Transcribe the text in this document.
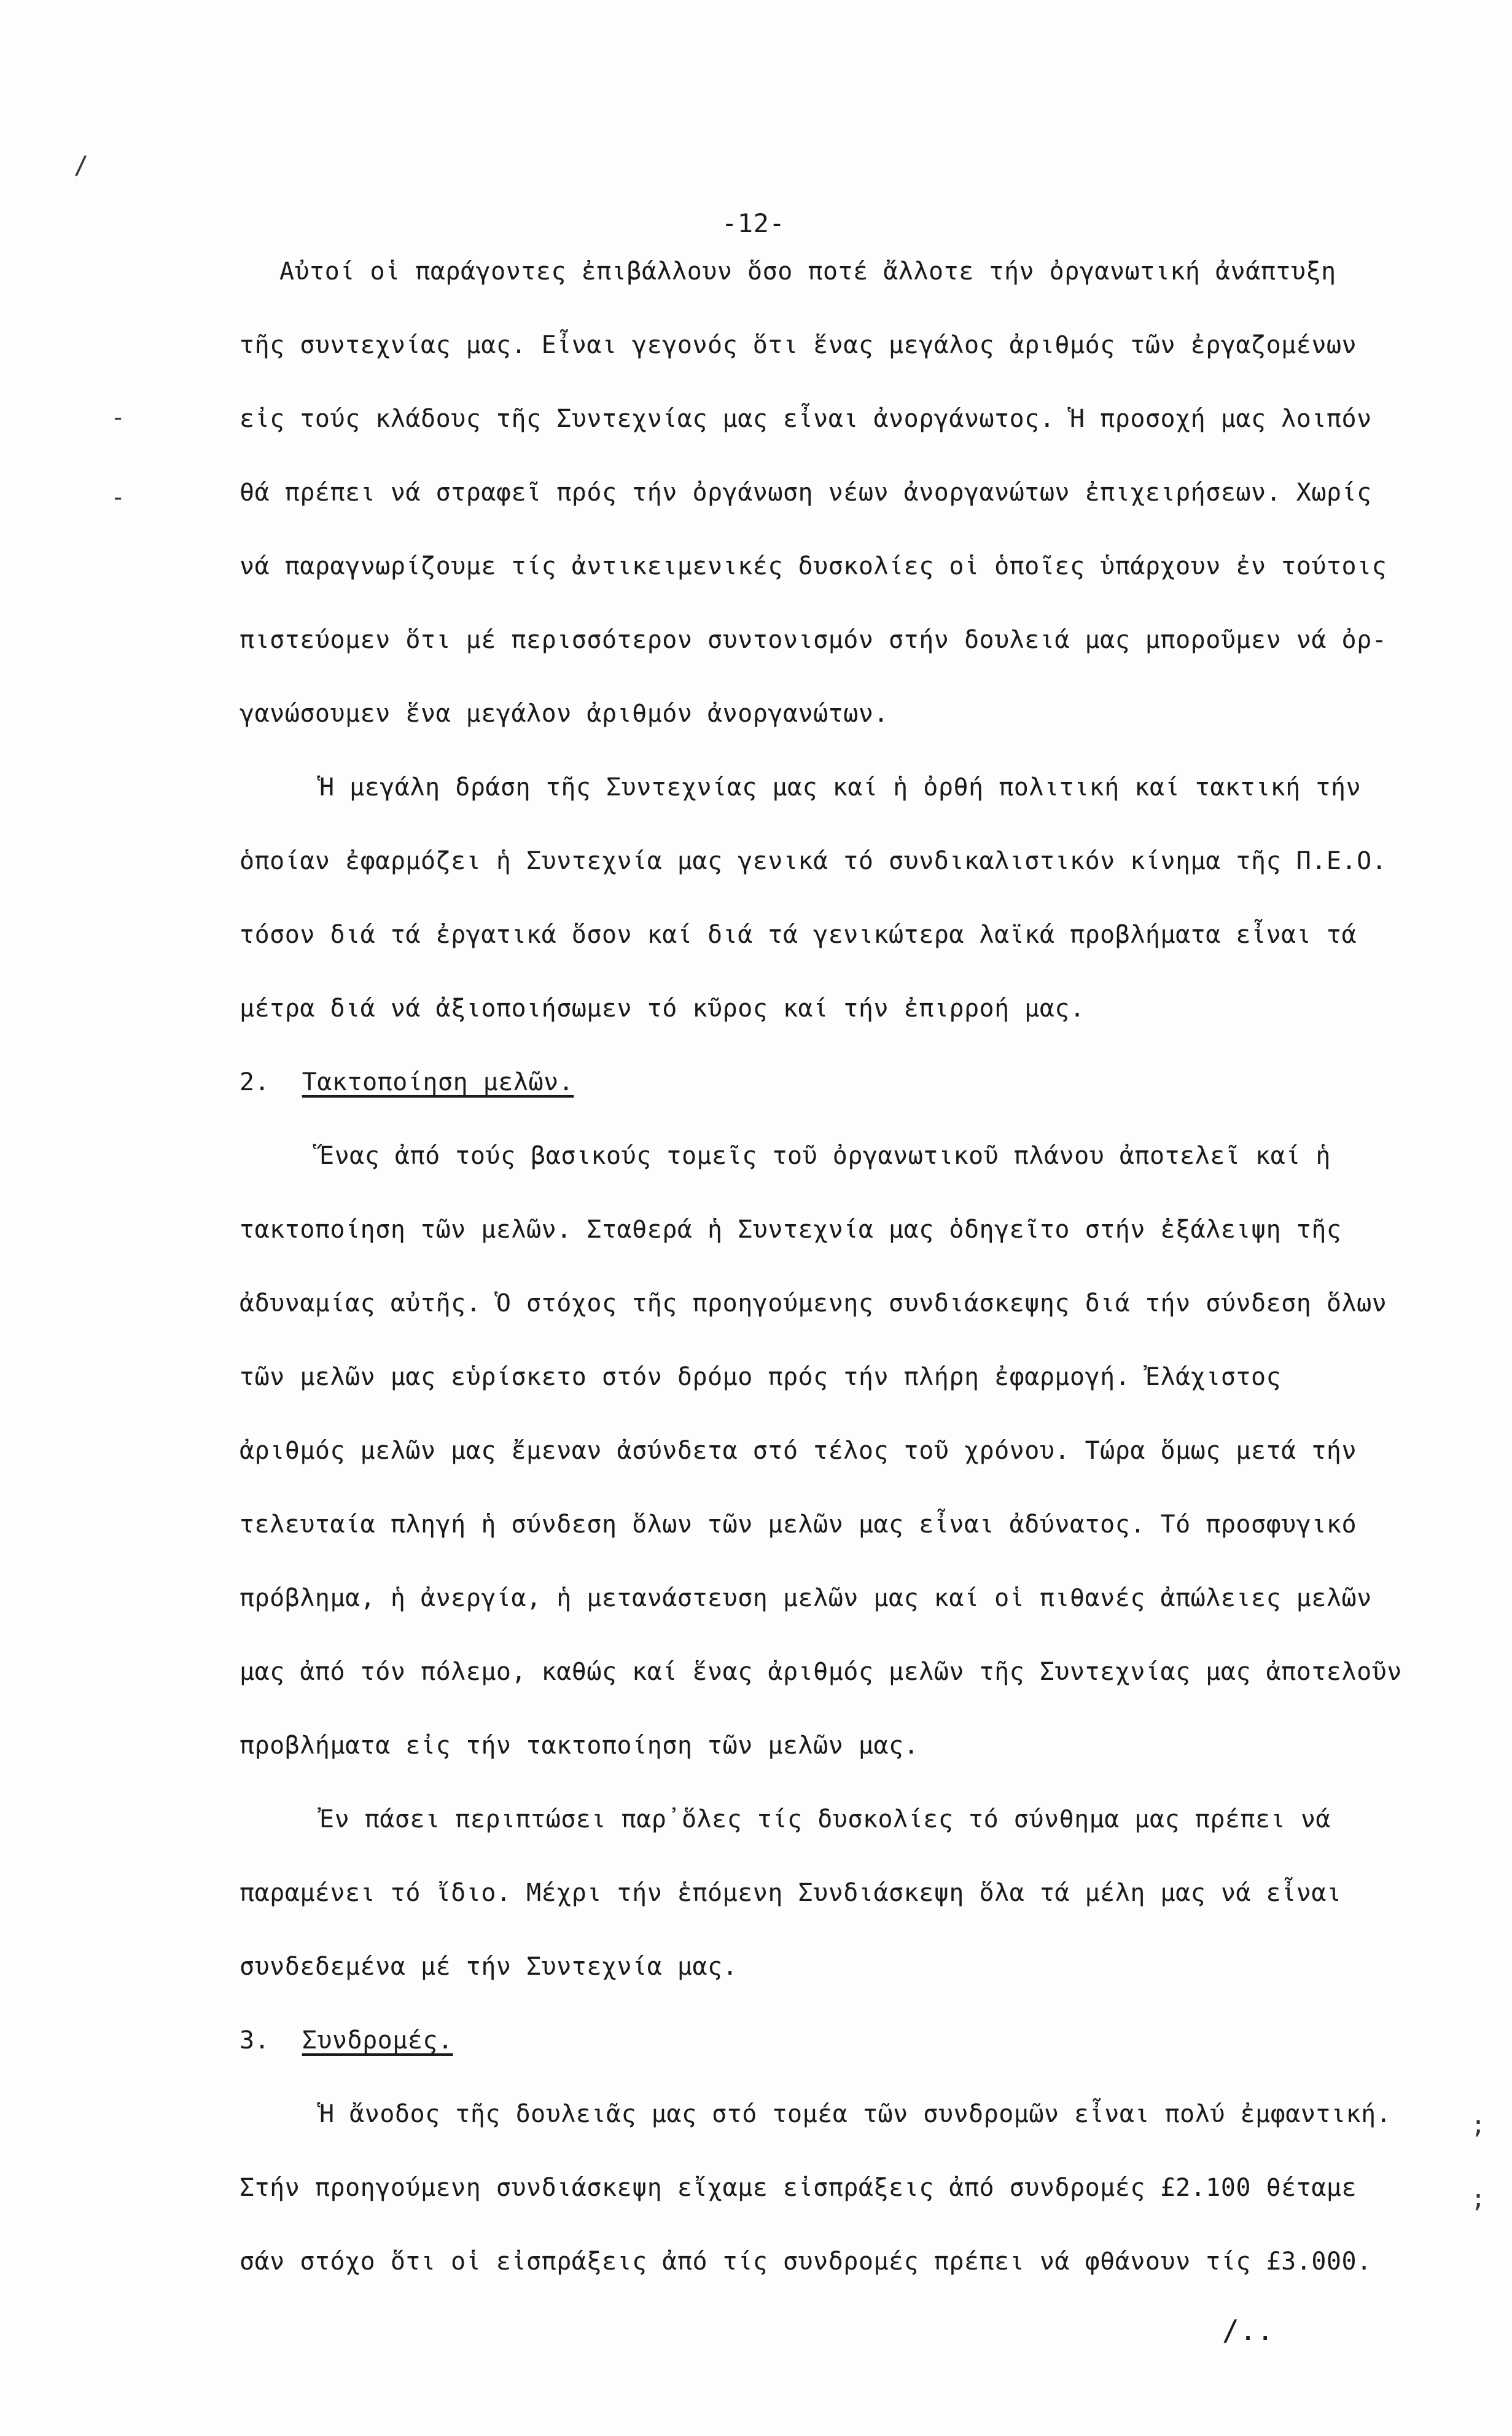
-12-
Αὐτοί οἱ παράγοντες ἐπιβάλλουν ὅσο ποτέ ἄλλοτε τήν ὀργανωτική ἀνάπτυξη
τῆς συντεχνίας μας. Εἶναι γεγονός ὅτι ἕνας μεγάλος ἀριθμός τῶν ἐργαζομένων
εἰς τούς κλάδους τῆς Συντεχνίας μας εἶναι ἀνοργάνωτος. Ἡ προσοχή μας λοιπόν
θά πρέπει νά στραφεῖ πρός τήν ὀργάνωση νέων ἀνοργανώτων ἐπιχειρήσεων. Χωρίς
νά παραγνωρίζουμε τίς ἀντικειμενικές δυσκολίες οἱ ὁποῖες ὑπάρχουν ἐν τούτοις
πιστεύομεν ὅτι μέ περισσότερον συντονισμόν στήν δουλειά μας μποροῦμεν νά ὀρ-
γανώσουμεν ἕνα μεγάλον ἀριθμόν ἀνοργανώτων.
Ἡ μεγάλη δράση τῆς Συντεχνίας μας καί ἡ ὀρθή πολιτική καί τακτική τήν
ὁποίαν ἐφαρμόζει ἡ Συντεχνία μας γενικά τό συνδικαλιστικόν κίνημα τῆς Π.Ε.Ο.
τόσον διά τά ἐργατικά ὅσον καί διά τά γενικώτερα λαϊκά προβλήματα εἶναι τά
μέτρα διά νά ἀξιοποιήσωμεν τό κῦρος καί τήν ἐπιρροή μας.
2. Τακτοποίηση μελῶν.
Ἕνας ἀπό τούς βασικούς τομεῖς τοῦ ὀργανωτικοῦ πλάνου ἀποτελεῖ καί ἡ
τακτοποίηση τῶν μελῶν. Σταθερά ἡ Συντεχνία μας ὁδηγεῖτο στήν ἐξάλειψη τῆς
ἀδυναμίας αὐτῆς. Ὁ στόχος τῆς προηγούμενης συνδιάσκεψης διά τήν σύνδεση ὅλων
τῶν μελῶν μας εὑρίσκετο στόν δρόμο πρός τήν πλήρη ἐφαρμογή. Ἐλάχιστος
ἀριθμός μελῶν μας ἔμεναν ἀσύνδετα στό τέλος τοῦ χρόνου. Τώρα ὅμως μετά τήν
τελευταία πληγή ἡ σύνδεση ὅλων τῶν μελῶν μας εἶναι ἀδύνατος. Τό προσφυγικό
πρόβλημα, ἡ ἀνεργία, ἡ μετανάστευση μελῶν μας καί οἱ πιθανές ἀπώλειες μελῶν
μας ἀπό τόν πόλεμο, καθώς καί ἕνας ἀριθμός μελῶν τῆς Συντεχνίας μας ἀποτελοῦν
προβλήματα εἰς τήν τακτοποίηση τῶν μελῶν μας.
Ἐν πάσει περιπτώσει παρ᾽ὅλες τίς δυσκολίες τό σύνθημα μας πρέπει νά
παραμένει τό ἴδιο. Μέχρι τήν ἑπόμενη Συνδιάσκεψη ὅλα τά μέλη μας νά εἶναι
συνδεδεμένα μέ τήν Συντεχνία μας.
3. Συνδρομές.
Ἡ ἄνοδος τῆς δουλειᾶς μας στό τομέα τῶν συνδρομῶν εἶναι πολύ ἐμφαντική.
Στήν προηγούμενη συνδιάσκεψη εἴχαμε εἰσπράξεις ἀπό συνδρομές £2.100 θέταμε
σάν στόχο ὅτι οἱ εἰσπράξεις ἀπό τίς συνδρομές πρέπει νά φθάνουν τίς £3.000.
/..
/
-
-
;
;
